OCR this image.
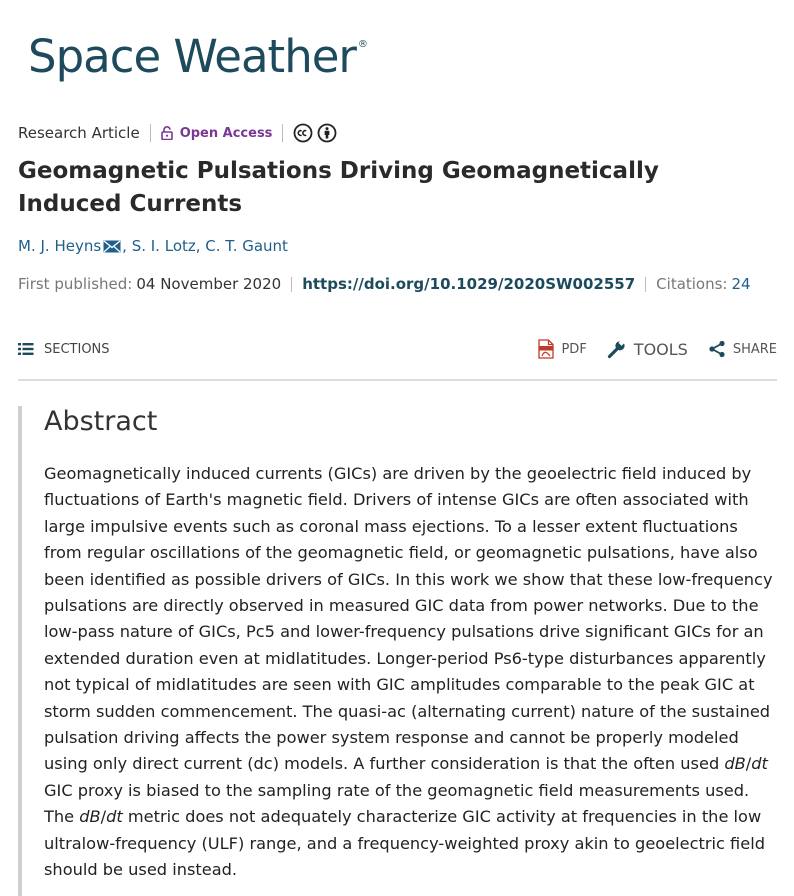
Space Weather ®
Research Article	Open Access
Geomagnetic Pulsations Driving Geomagnetically Induced Currents
M. J. Heyns , S. I. Lotz , C. T. Gaunt
First published: 04 November 2020 https://doi.org/10.1029/2020SW002557 Citations: 24
SECTIONS	PDF	TOOLS	SHARE
Abstract

Geomagnetically induced currents (GICs) are driven by the geoelectric field induced by fluctuations of Earth's magnetic field. Drivers of intense GICs are often associated with large impulsive events such as coronal mass ejections. To a lesser extent fluctuations from regular oscillations of the geomagnetic field, or geomagnetic pulsations, have also been identified as possible drivers of GICs. In this work we show that these low-frequency pulsations are directly observed in measured GIC data from power networks. Due to the low-pass nature of GICs, Pc5 and lower-frequency pulsations drive significant GICs for an extended duration even at midlatitudes. Longer-period Ps6-type disturbances apparently not typical of midlatitudes are seen with GIC amplitudes comparable to the peak GIC at storm sudden commencement. The quasi-ac (alternating current) nature of the sustained pulsation driving affects the power system response and cannot be properly modeled using only direct current (dc) models. A further consideration is that the often used dB/dt GIC proxy is biased to the sampling rate of the geomagnetic field measurements used. The dB/dt metric does not adequately characterize GIC activity at frequencies in the low ultralow-frequency (ULF) range, and a frequency-weighted proxy akin to geoelectric field should be used instead.
